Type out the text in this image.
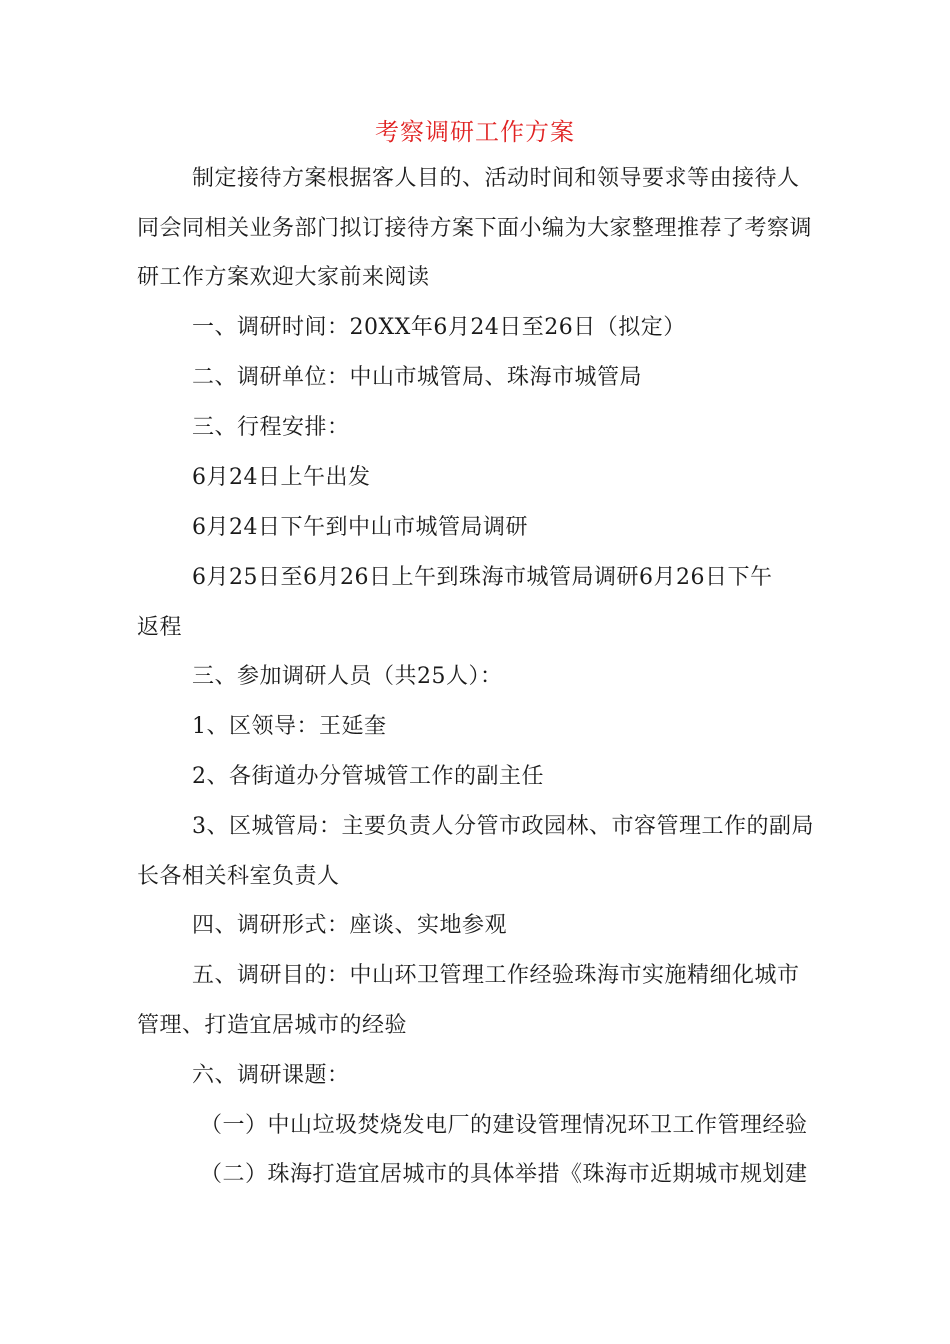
考察调研工作方案
制定接待方案根据客人目的、活动时间和领导要求等由接待人
同会同相关业务部门拟订接待方案下面小编为大家整理推荐了考察调
研工作方案欢迎大家前来阅读
一、调研时间：20XX年6月24日至26日（拟定）
二、调研单位：中山市城管局、珠海市城管局
三、行程安排：
6月24日上午出发
6月24日下午到中山市城管局调研
6月25日至6月26日上午到珠海市城管局调研6月26日下午
返程
三、参加调研人员（共25人）：
1、区领导：王延奎
2、各街道办分管城管工作的副主任
3、区城管局：主要负责人分管市政园林、市容管理工作的副局
长各相关科室负责人
四、调研形式：座谈、实地参观
五、调研目的：中山环卫管理工作经验珠海市实施精细化城市
管理、打造宜居城市的经验
六、调研课题：
（一）中山垃圾焚烧发电厂的建设管理情况环卫工作管理经验
（二）珠海打造宜居城市的具体举措《珠海市近期城市规划建
